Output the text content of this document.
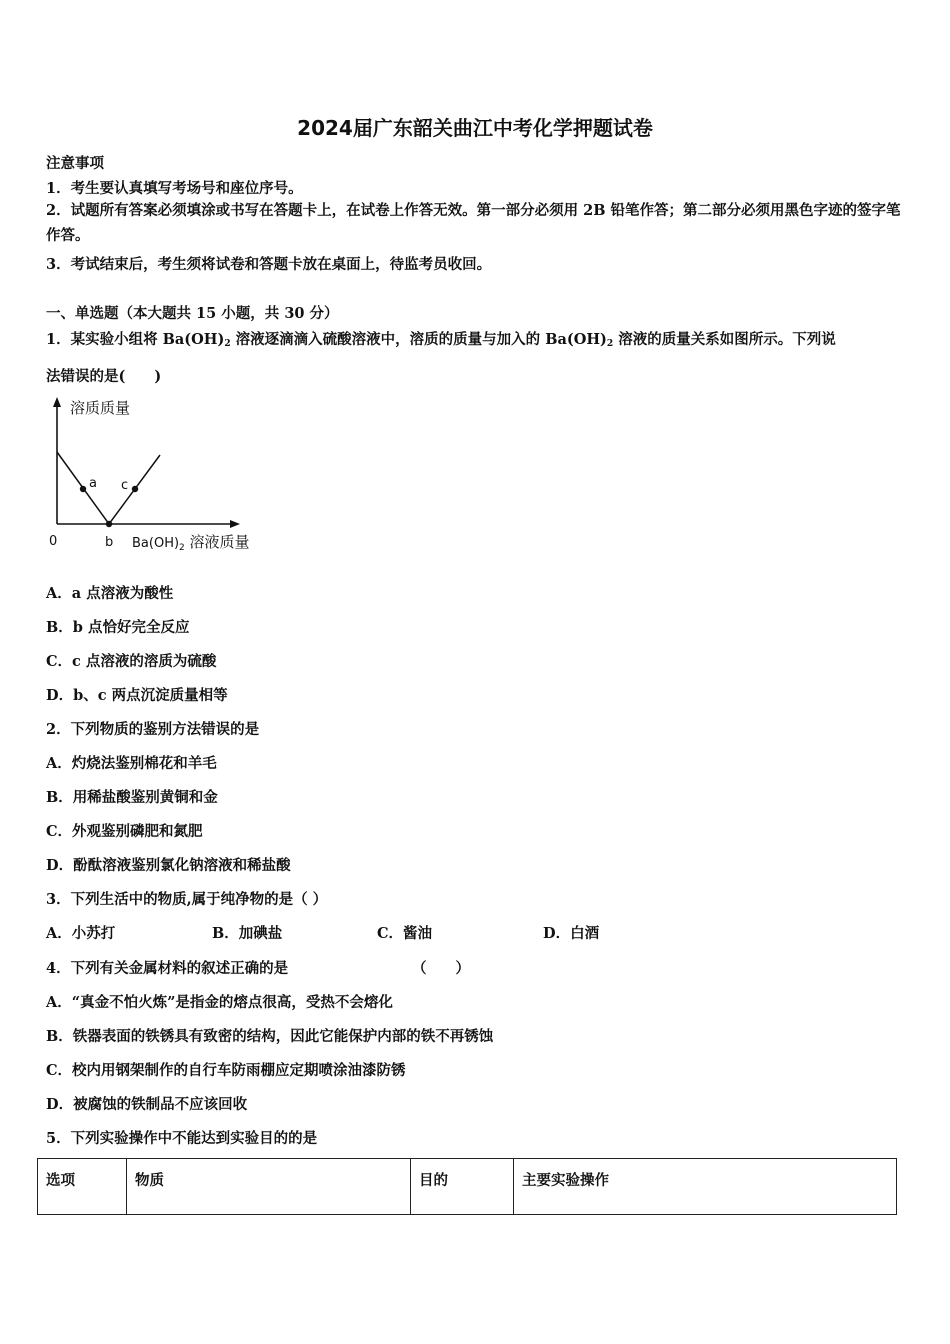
2024届广东韶关曲江中考化学押题试卷
注意事项
1．考生要认真填写考场号和座位序号。
2．试题所有答案必须填涂或书写在答题卡上，在试卷上作答无效。第一部分必须用 2B 铅笔作答；第二部分必须用黑色字迹的签字笔作答。
3．考试结束后，考生须将试卷和答题卡放在桌面上，待监考员收回。
一、单选题（本大题共 15 小题，共 30 分）
1．某实验小组将 $Ba(OH)_2$ 溶液逐滴滴入硫酸溶液中，溶质的质量与加入的 $Ba(OH)_2$ 溶液的质量关系如图所示。下列说
法错误的是(　　)
溶质质量
a c
0	b $Ba(OH)_2$ 溶液质量
A．a 点溶液为酸性
B．b 点恰好完全反应
C．c 点溶液的溶质为硫酸
D．b、c 两点沉淀质量相等
2．下列物质的鉴别方法错误的是
A．灼烧法鉴别棉花和羊毛
B．用稀盐酸鉴别黄铜和金
C．外观鉴别磷肥和氮肥
D．酚酞溶液鉴别氯化钠溶液和稀盐酸
3．下列生活中的物质,属于纯净物的是（ ）
A．小苏打	B．加碘盐	C．酱油	D．白酒
4．下列有关金属材料的叙述正确的是	（　　）
A．“真金不怕火炼”是指金的熔点很高，受热不会熔化
B．铁器表面的铁锈具有致密的结构，因此它能保护内部的铁不再锈蚀
C．校内用钢架制作的自行车防雨棚应定期喷涂油漆防锈
D．被腐蚀的铁制品不应该回收
5．下列实验操作中不能达到实验目的的是
选项	物质	目的	主要实验操作
